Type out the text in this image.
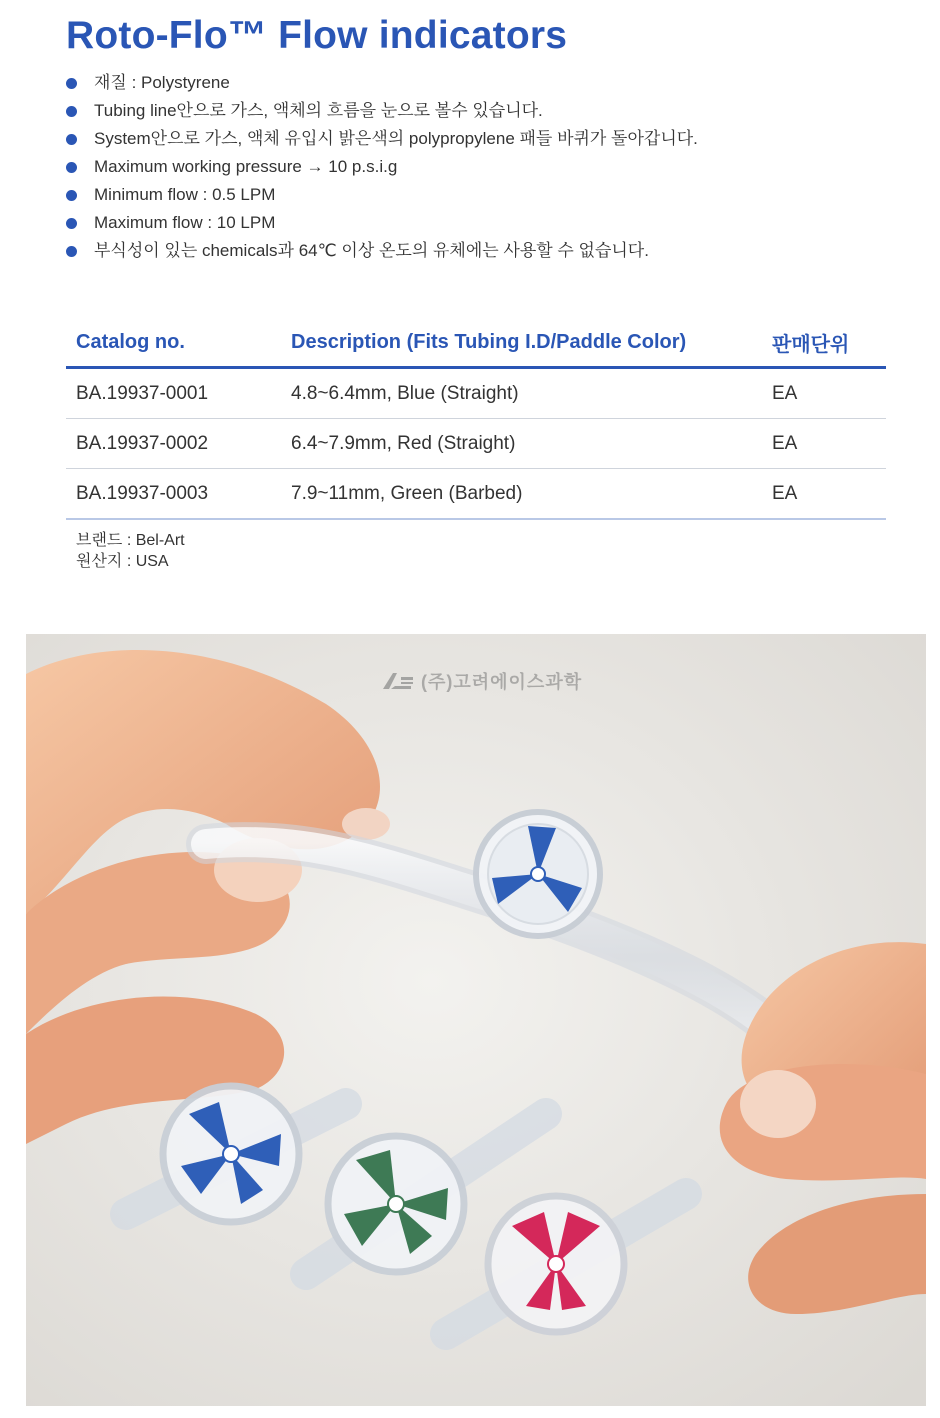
Roto-Flo™ Flow indicators
재질 : Polystyrene
Tubing line안으로 가스, 액체의 흐름을 눈으로 볼수 있습니다.
System안으로 가스, 액체 유입시 밝은색의 polypropylene 패들 바퀴가 돌아갑니다.
Maximum working pressure → 10 p.s.i.g
Minimum flow : 0.5 LPM
Maximum flow : 10 LPM
부식성이 있는 chemicals과 64℃ 이상 온도의 유체에는 사용할 수 없습니다.
Catalog no.	Description (Fits Tubing I.D/Paddle Color)	판매단위
BA.19937-0001	4.8~6.4mm, Blue (Straight)	EA
BA.19937-0002	6.4~7.9mm, Red (Straight)	EA
BA.19937-0003	7.9~11mm, Green (Barbed)	EA
브랜드 : Bel-Art
원산지 : USA
(주)고려에이스과학
